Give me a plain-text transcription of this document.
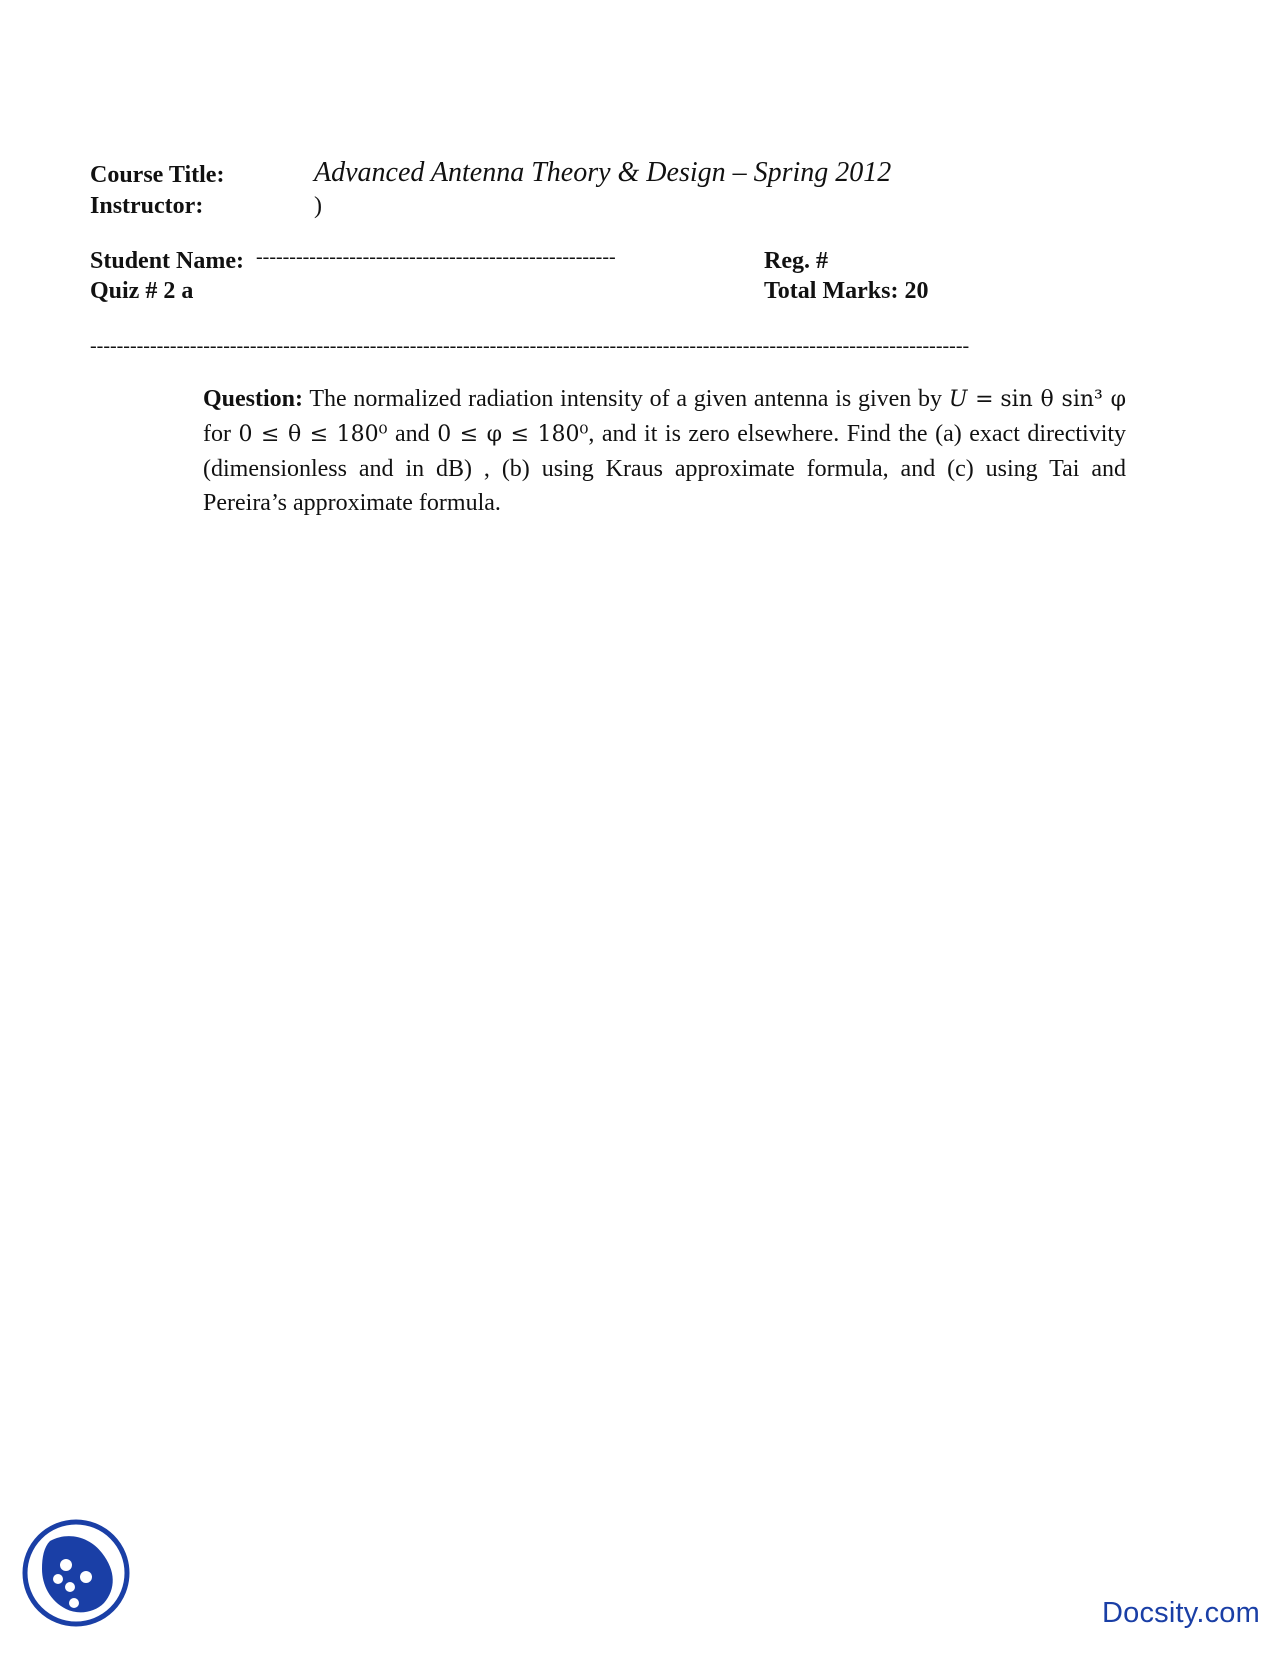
Course Title:	Advanced Antenna Theory & Design – Spring 2012
Instructor:	)
Student Name: ------------------------------------------------------	Reg. #
Quiz # 2 a	Total Marks: 20
------------------------------------------------------------------------------------------------------------------------------------
Question: The normalized radiation intensity of a given antenna is given by U = sin θ sin³ φ for 0 ≤ θ ≤ 180⁰ and 0 ≤ φ ≤ 180⁰, and it is zero elsewhere. Find the (a) exact directivity (dimensionless and in dB) , (b) using Kraus approximate formula, and (c) using Tai and Pereira’s approximate formula.
Docsity.com
